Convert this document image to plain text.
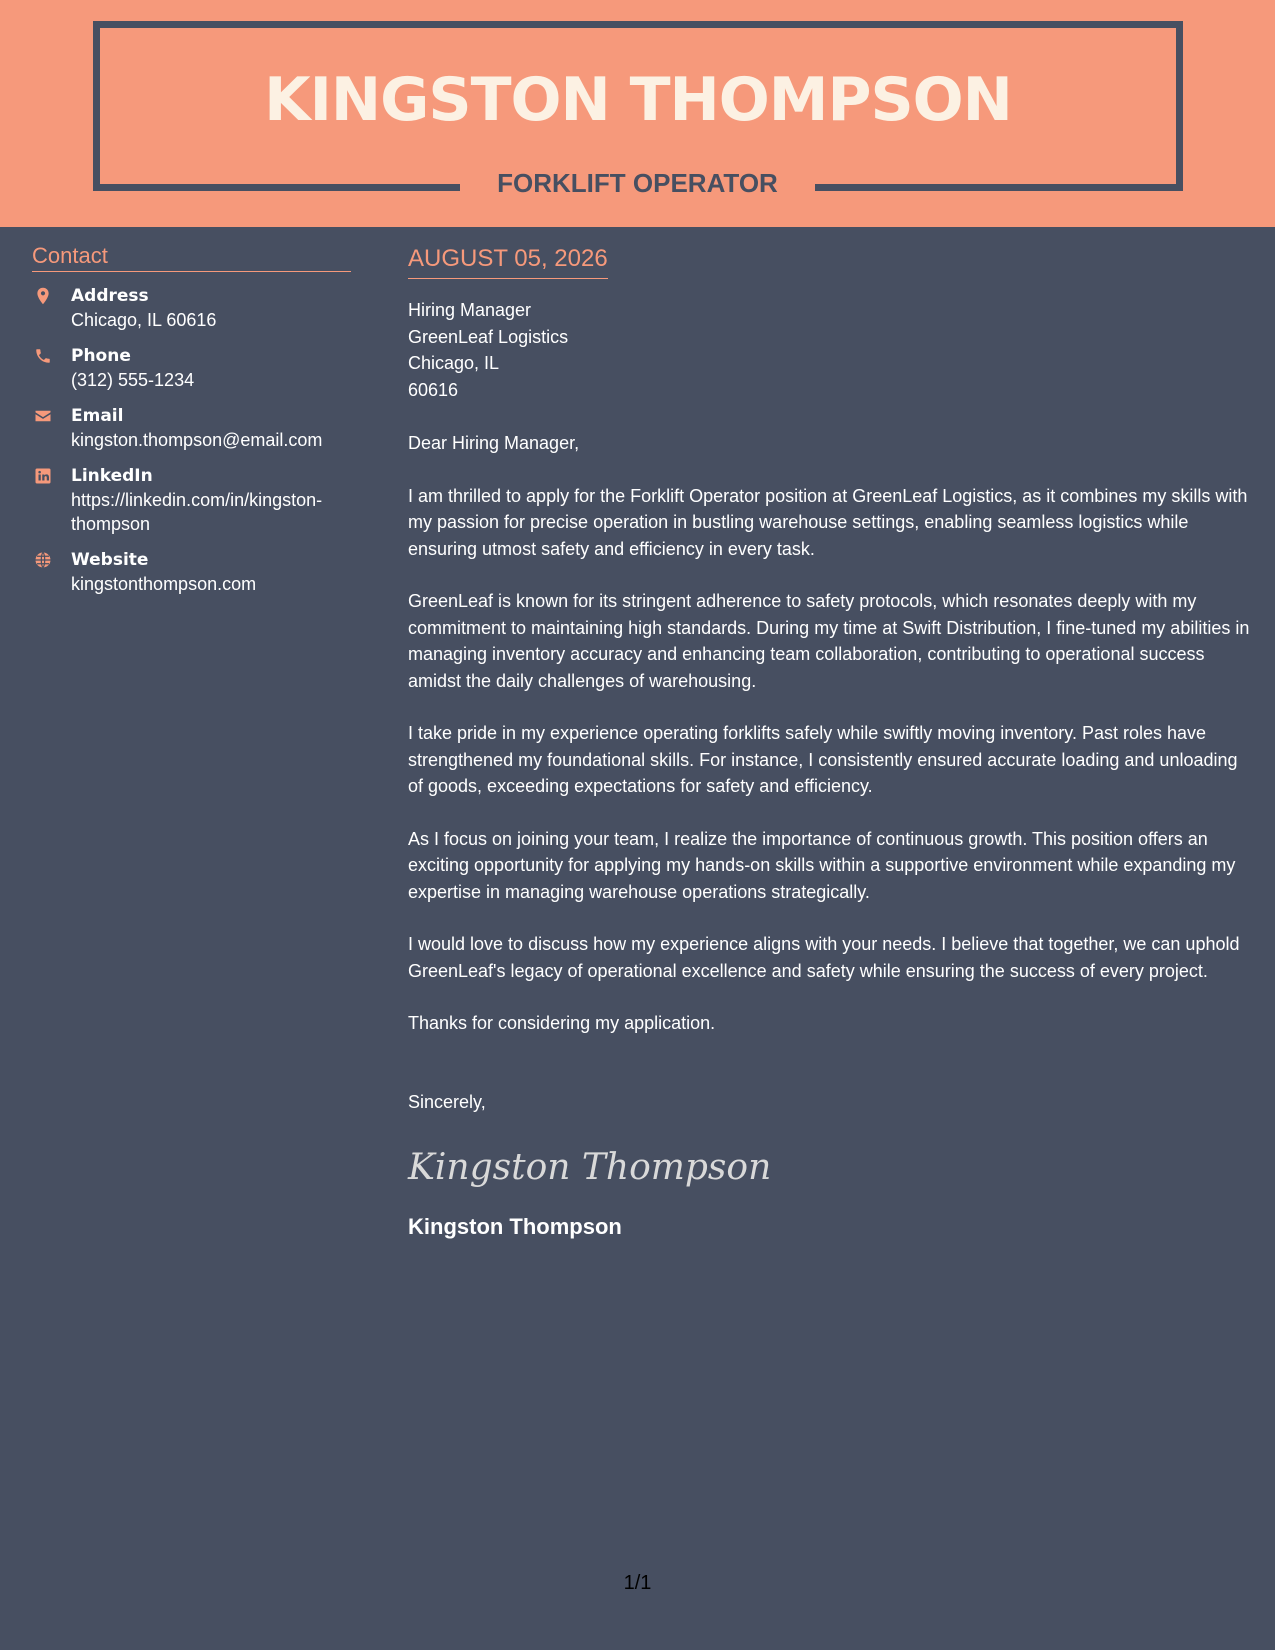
KINGSTON THOMPSON
FORKLIFT OPERATOR
Contact
Address
Chicago, IL 60616
Phone
(312) 555-1234
Email
kingston.thompson@email.com
LinkedIn
https://linkedin.com/in/kingston-thompson
Website
kingstonthompson.com
AUGUST 05, 2026
Hiring Manager
GreenLeaf Logistics
Chicago, IL
60616

Dear Hiring Manager,

I am thrilled to apply for the Forklift Operator position at GreenLeaf Logistics, as it combines my skills with my passion for precise operation in bustling warehouse settings, enabling seamless logistics while ensuring utmost safety and efficiency in every task.

GreenLeaf is known for its stringent adherence to safety protocols, which resonates deeply with my commitment to maintaining high standards. During my time at Swift Distribution, I fine-tuned my abilities in managing inventory accuracy and enhancing team collaboration, contributing to operational success amidst the daily challenges of warehousing.

I take pride in my experience operating forklifts safely while swiftly moving inventory. Past roles have strengthened my foundational skills. For instance, I consistently ensured accurate loading and unloading of goods, exceeding expectations for safety and efficiency.

As I focus on joining your team, I realize the importance of continuous growth. This position offers an exciting opportunity for applying my hands-on skills within a supportive environment while expanding my expertise in managing warehouse operations strategically.

I would love to discuss how my experience aligns with your needs. I believe that together, we can uphold GreenLeaf's legacy of operational excellence and safety while ensuring the success of every project.

Thanks for considering my application.

Sincerely,
Kingston Thompson
Kingston Thompson
1/1
